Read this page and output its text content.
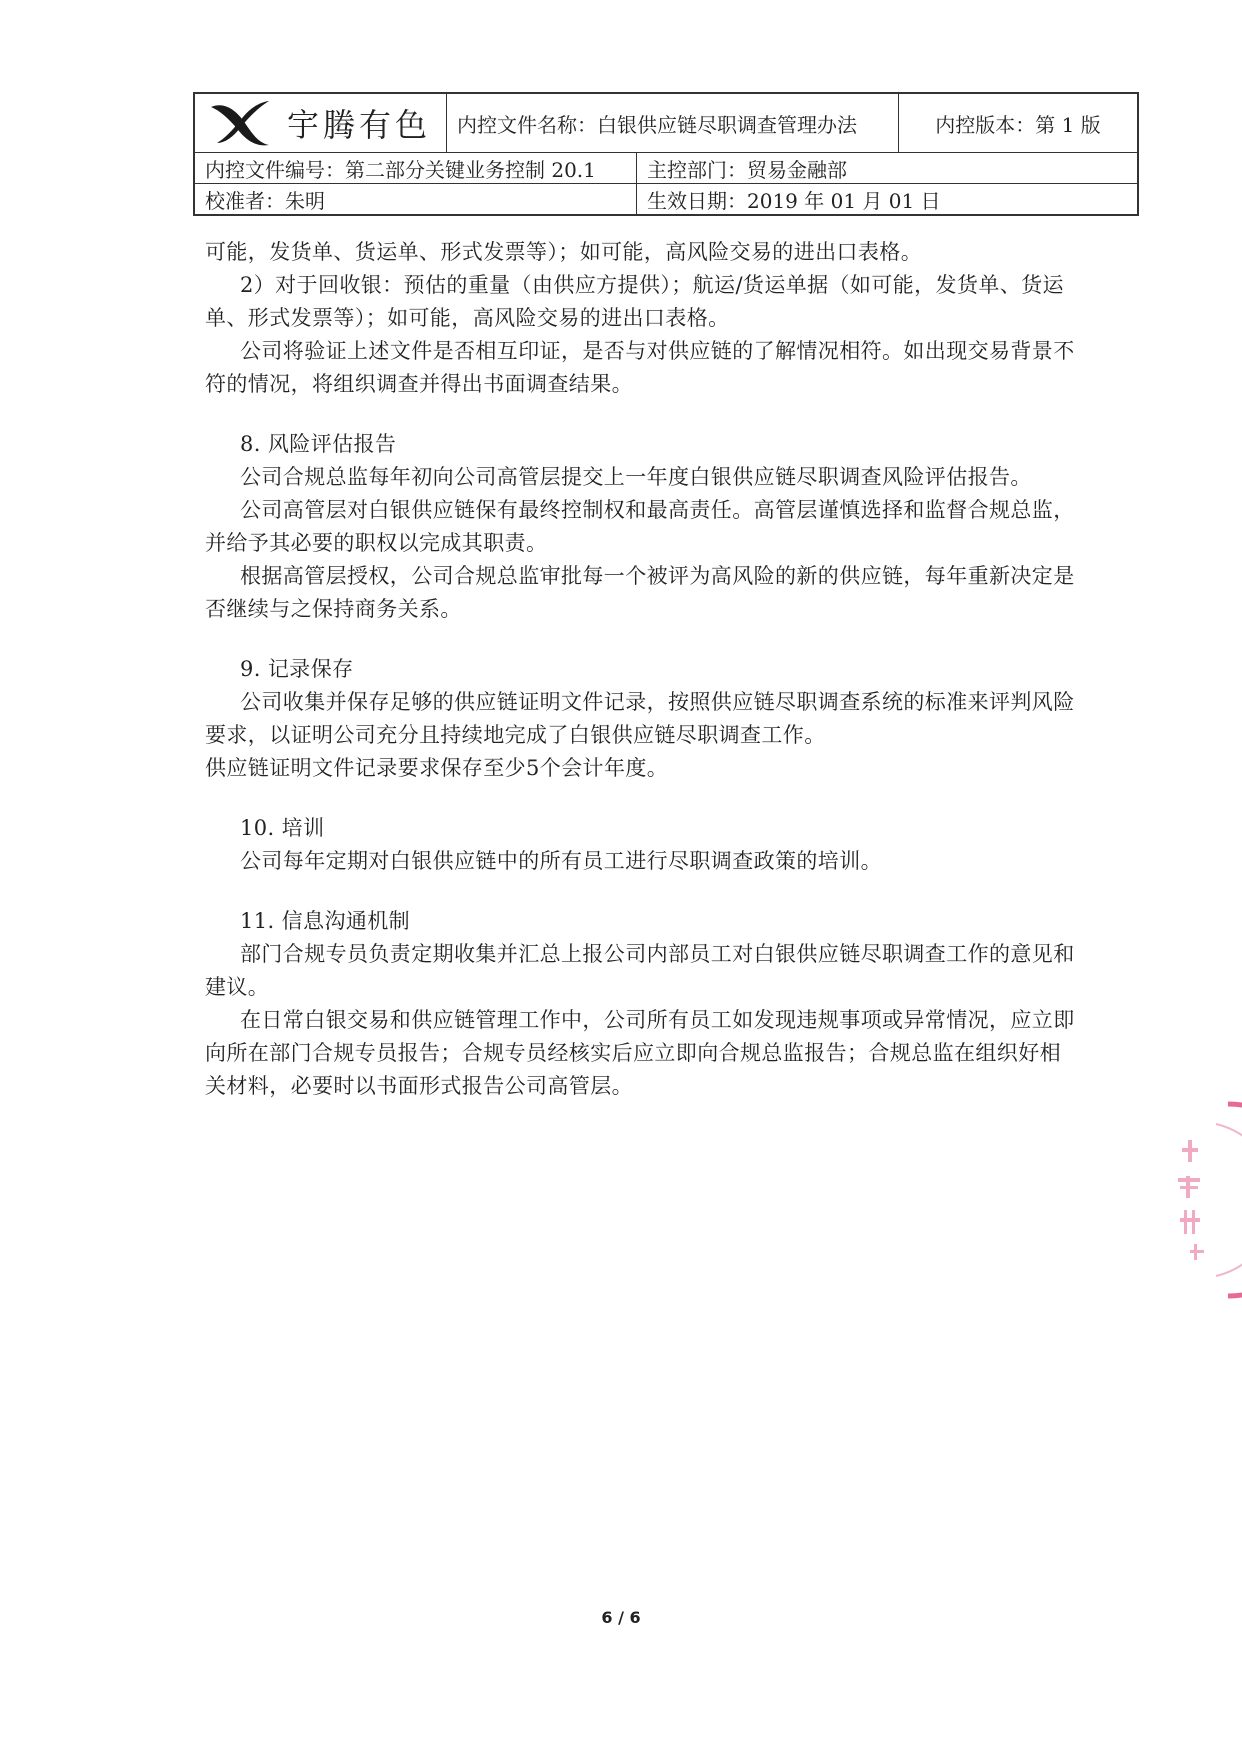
宇腾有色	内控文件名称：白银供应链尽职调查管理办法	内控版本：第 1 版
内控文件编号：第二部分关键业务控制 20.1	主控部门：贸易金融部
校准者：朱明	生效日期：2019 年 01 月 01 日

可能，发货单、货运单、形式发票等）；如可能，高风险交易的进出口表格。

2）对于回收银：预估的重量（由供应方提供）；航运/货运单据（如可能，发货单、货运单、形式发票等）；如可能，高风险交易的进出口表格。

公司将验证上述文件是否相互印证，是否与对供应链的了解情况相符。如出现交易背景不符的情况，将组织调查并得出书面调查结果。

8. 风险评估报告

公司合规总监每年初向公司高管层提交上一年度白银供应链尽职调查风险评估报告。

公司高管层对白银供应链保有最终控制权和最高责任。高管层谨慎选择和监督合规总监，并给予其必要的职权以完成其职责。

根据高管层授权，公司合规总监审批每一个被评为高风险的新的供应链，每年重新决定是否继续与之保持商务关系。

9. 记录保存

公司收集并保存足够的供应链证明文件记录，按照供应链尽职调查系统的标准来评判风险要求，以证明公司充分且持续地完成了白银供应链尽职调查工作。

供应链证明文件记录要求保存至少5个会计年度。

10. 培训

公司每年定期对白银供应链中的所有员工进行尽职调查政策的培训。

11. 信息沟通机制

部门合规专员负责定期收集并汇总上报公司内部员工对白银供应链尽职调查工作的意见和建议。

在日常白银交易和供应链管理工作中，公司所有员工如发现违规事项或异常情况，应立即向所在部门合规专员报告；合规专员经核实后应立即向合规总监报告；合规总监在组织好相关材料，必要时以书面形式报告公司高管层。

6 / 6
